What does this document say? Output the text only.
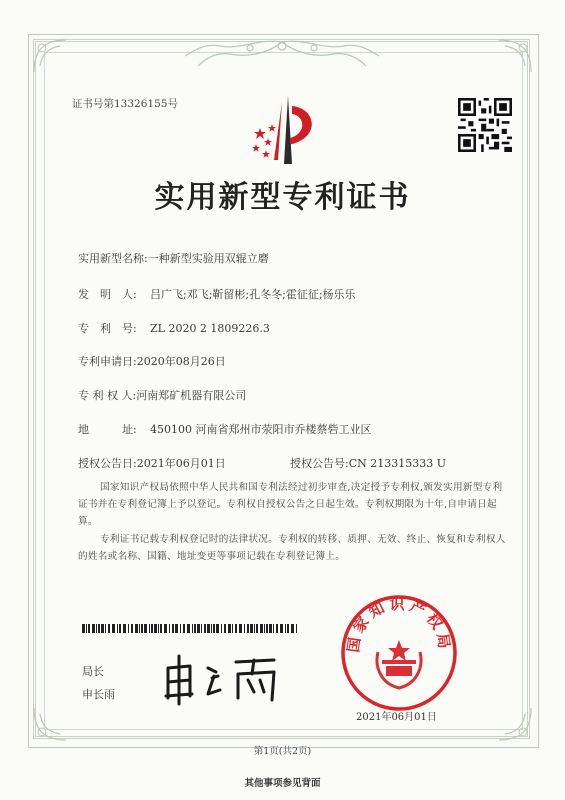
证书号第13326155号
实用新型专利证书
实用新型名称:一种新型实验用双辊立磨
发　明　人: 吕广飞;邓飞;靳留彬;孔冬冬;霍征征;杨乐乐
专　利　号: ZL 2020 2 1809226.3
专利申请日:2020年08月26日
专 利 权 人:河南郑矿机器有限公司
地　　　址: 450100 河南省郑州市荥阳市乔楼蔡砦工业区
授权公告日:2021年06月01日	授权公告号:CN 213315333 U
国家知识产权局依照中华人民共和国专利法经过初步审查,决定授予专利权,颁发实用新型专利证书并在专利登记簿上予以登记。专利权自授权公告之日起生效。专利权期限为十年,自申请日起算。
专利证书记载专利权登记时的法律状况。专利权的转移、质押、无效、终止、恢复和专利权人的姓名或名称、国籍、地址变更等事项记载在专利登记簿上。
局长
申长雨
国家知识产权局
2021年06月01日
第1页(共2页)
其他事项参见背面
